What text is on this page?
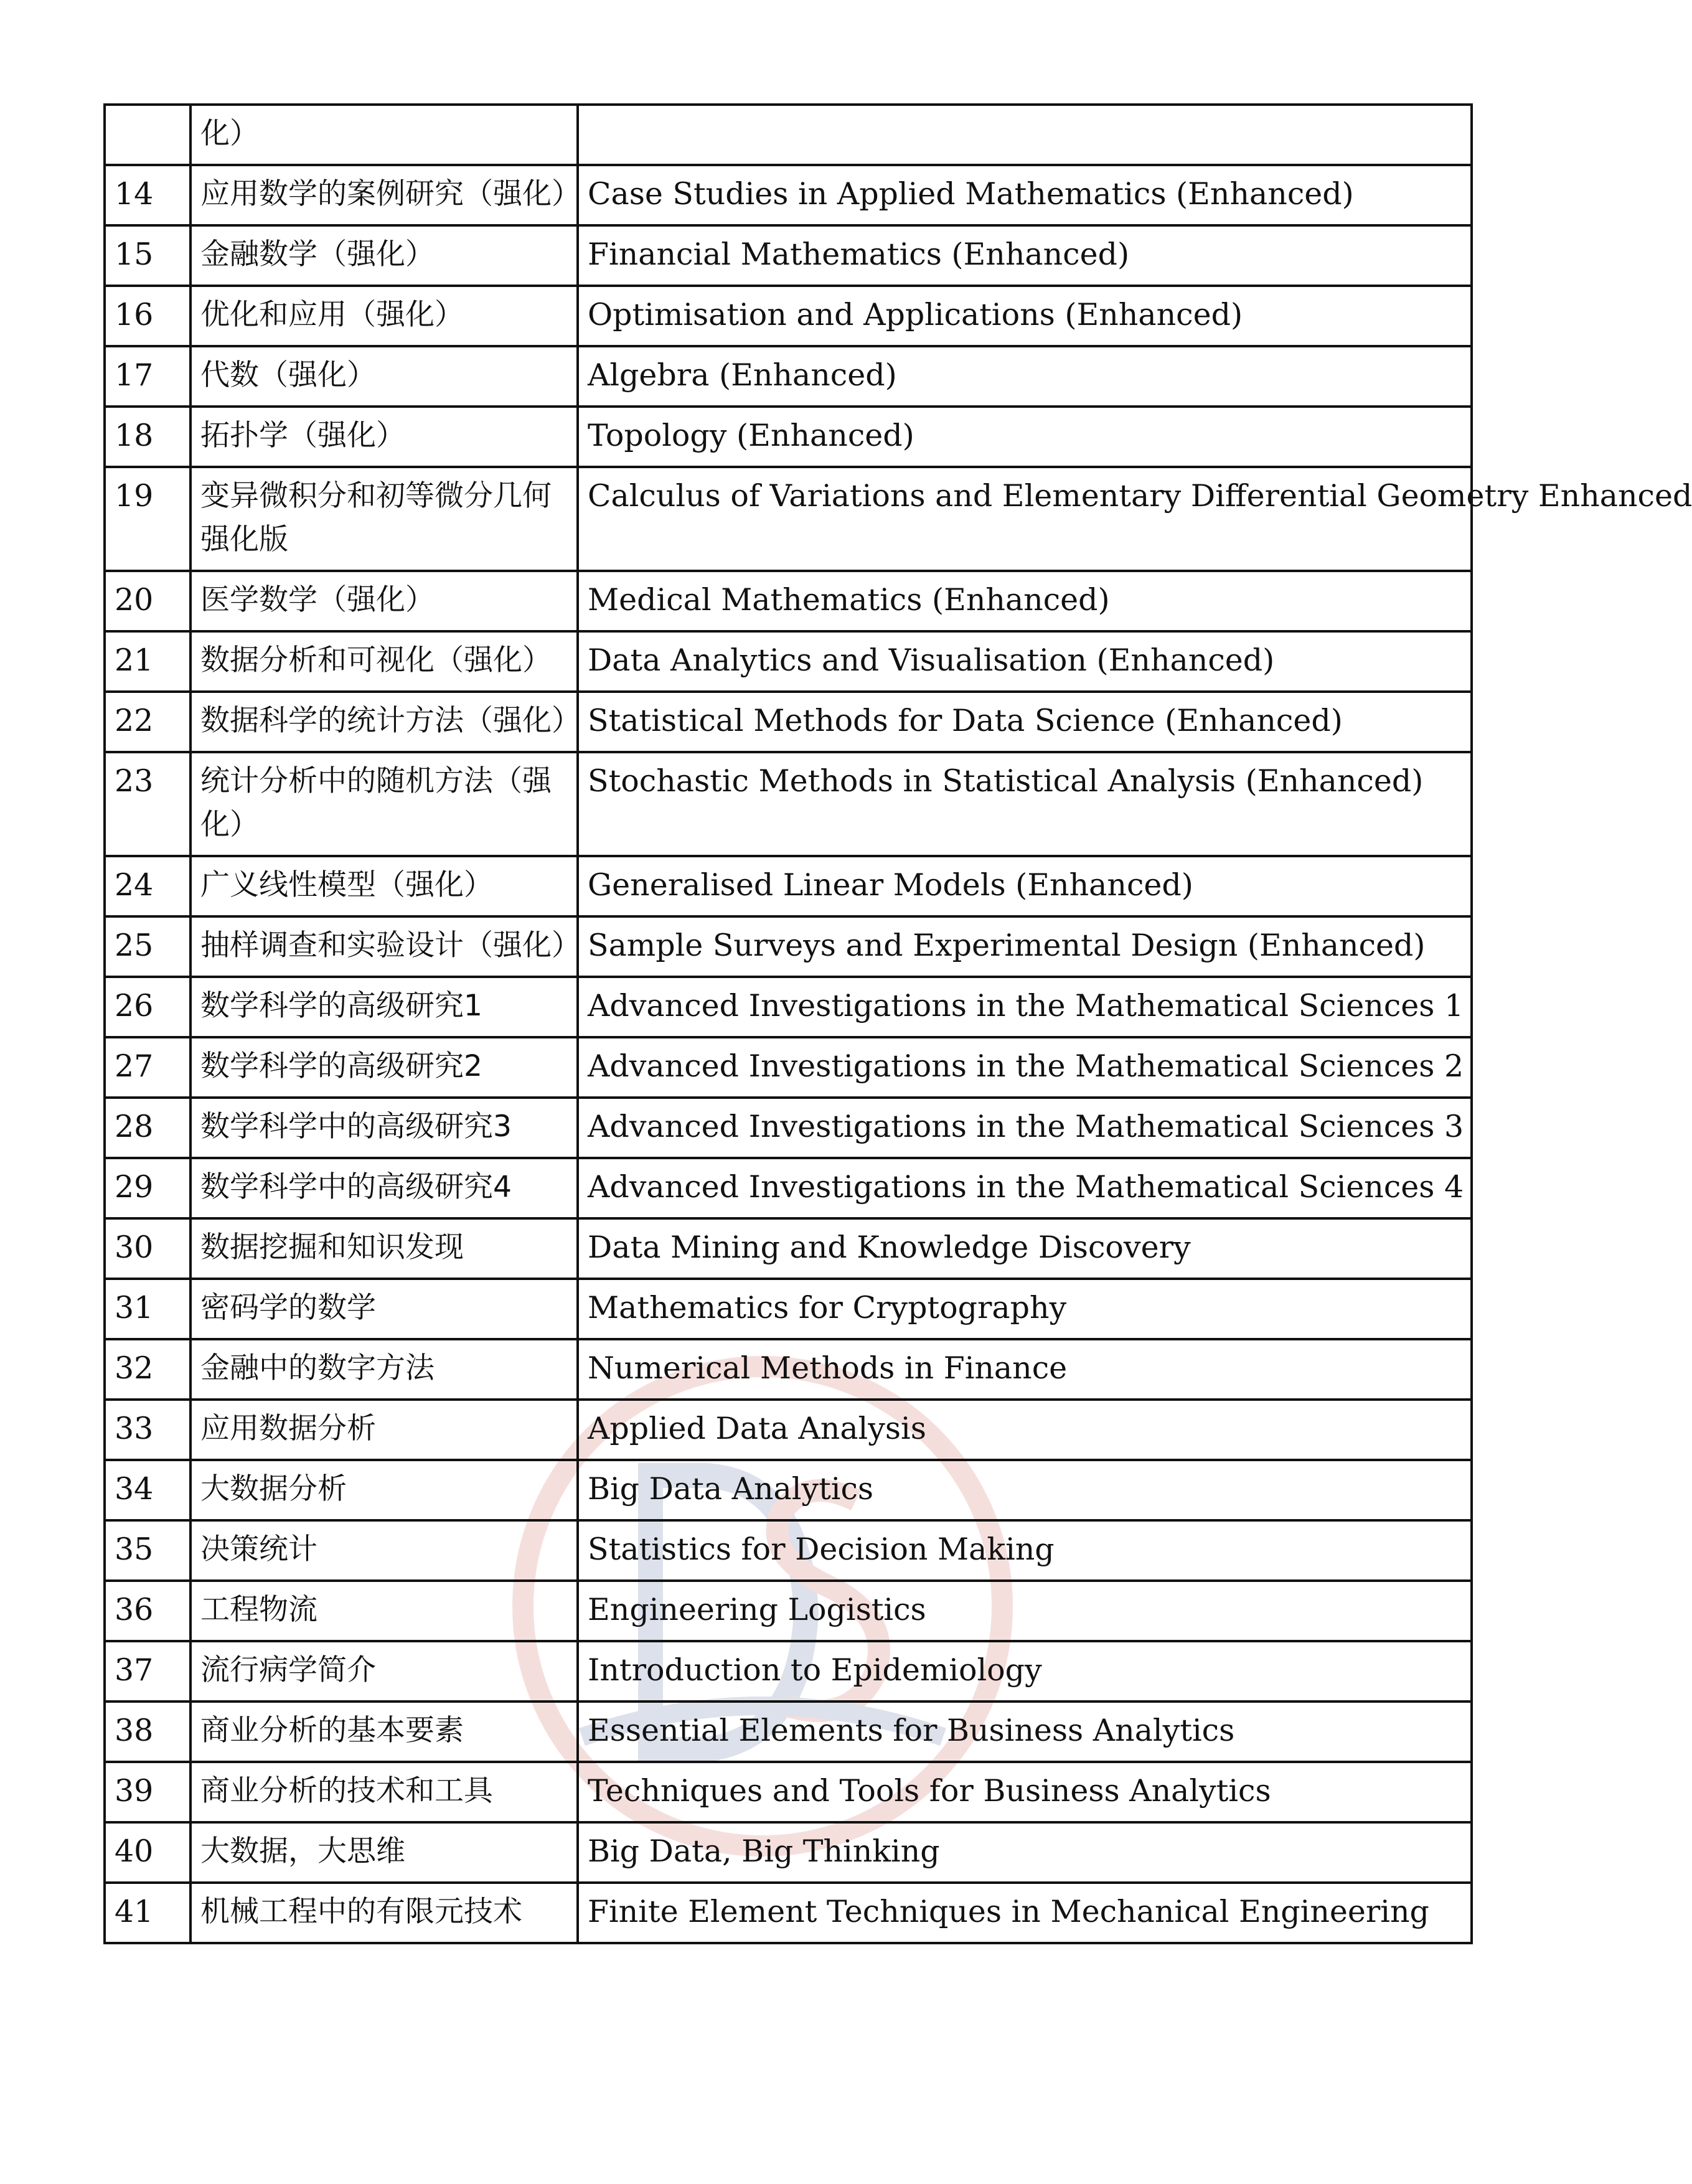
	化）	
14	应用数学的案例研究（强化）	Case Studies in Applied Mathematics (Enhanced)
15	金融数学（强化）	Financial Mathematics (Enhanced)
16	优化和应用（强化）	Optimisation and Applications (Enhanced)
17	代数（强化）	Algebra (Enhanced)
18	拓扑学（强化）	Topology (Enhanced)
19	变异微积分和初等微分几何强化版	Calculus of Variations and Elementary Differential Geometry Enhanced
20	医学数学（强化）	Medical Mathematics (Enhanced)
21	数据分析和可视化（强化）	Data Analytics and Visualisation (Enhanced)
22	数据科学的统计方法（强化）	Statistical Methods for Data Science (Enhanced)
23	统计分析中的随机方法（强化）	Stochastic Methods in Statistical Analysis (Enhanced)
24	广义线性模型（强化）	Generalised Linear Models (Enhanced)
25	抽样调查和实验设计（强化）	Sample Surveys and Experimental Design (Enhanced)
26	数学科学的高级研究1	Advanced Investigations in the Mathematical Sciences 1
27	数学科学的高级研究2	Advanced Investigations in the Mathematical Sciences 2
28	数学科学中的高级研究3	Advanced Investigations in the Mathematical Sciences 3
29	数学科学中的高级研究4	Advanced Investigations in the Mathematical Sciences 4
30	数据挖掘和知识发现	Data Mining and Knowledge Discovery
31	密码学的数学	Mathematics for Cryptography
32	金融中的数字方法	Numerical Methods in Finance
33	应用数据分析	Applied Data Analysis
34	大数据分析	Big Data Analytics
35	决策统计	Statistics for Decision Making
36	工程物流	Engineering Logistics
37	流行病学简介	Introduction to Epidemiology
38	商业分析的基本要素	Essential Elements for Business Analytics
39	商业分析的技术和工具	Techniques and Tools for Business Analytics
40	大数据，大思维	Big Data, Big Thinking
41	机械工程中的有限元技术	Finite Element Techniques in Mechanical Engineering
